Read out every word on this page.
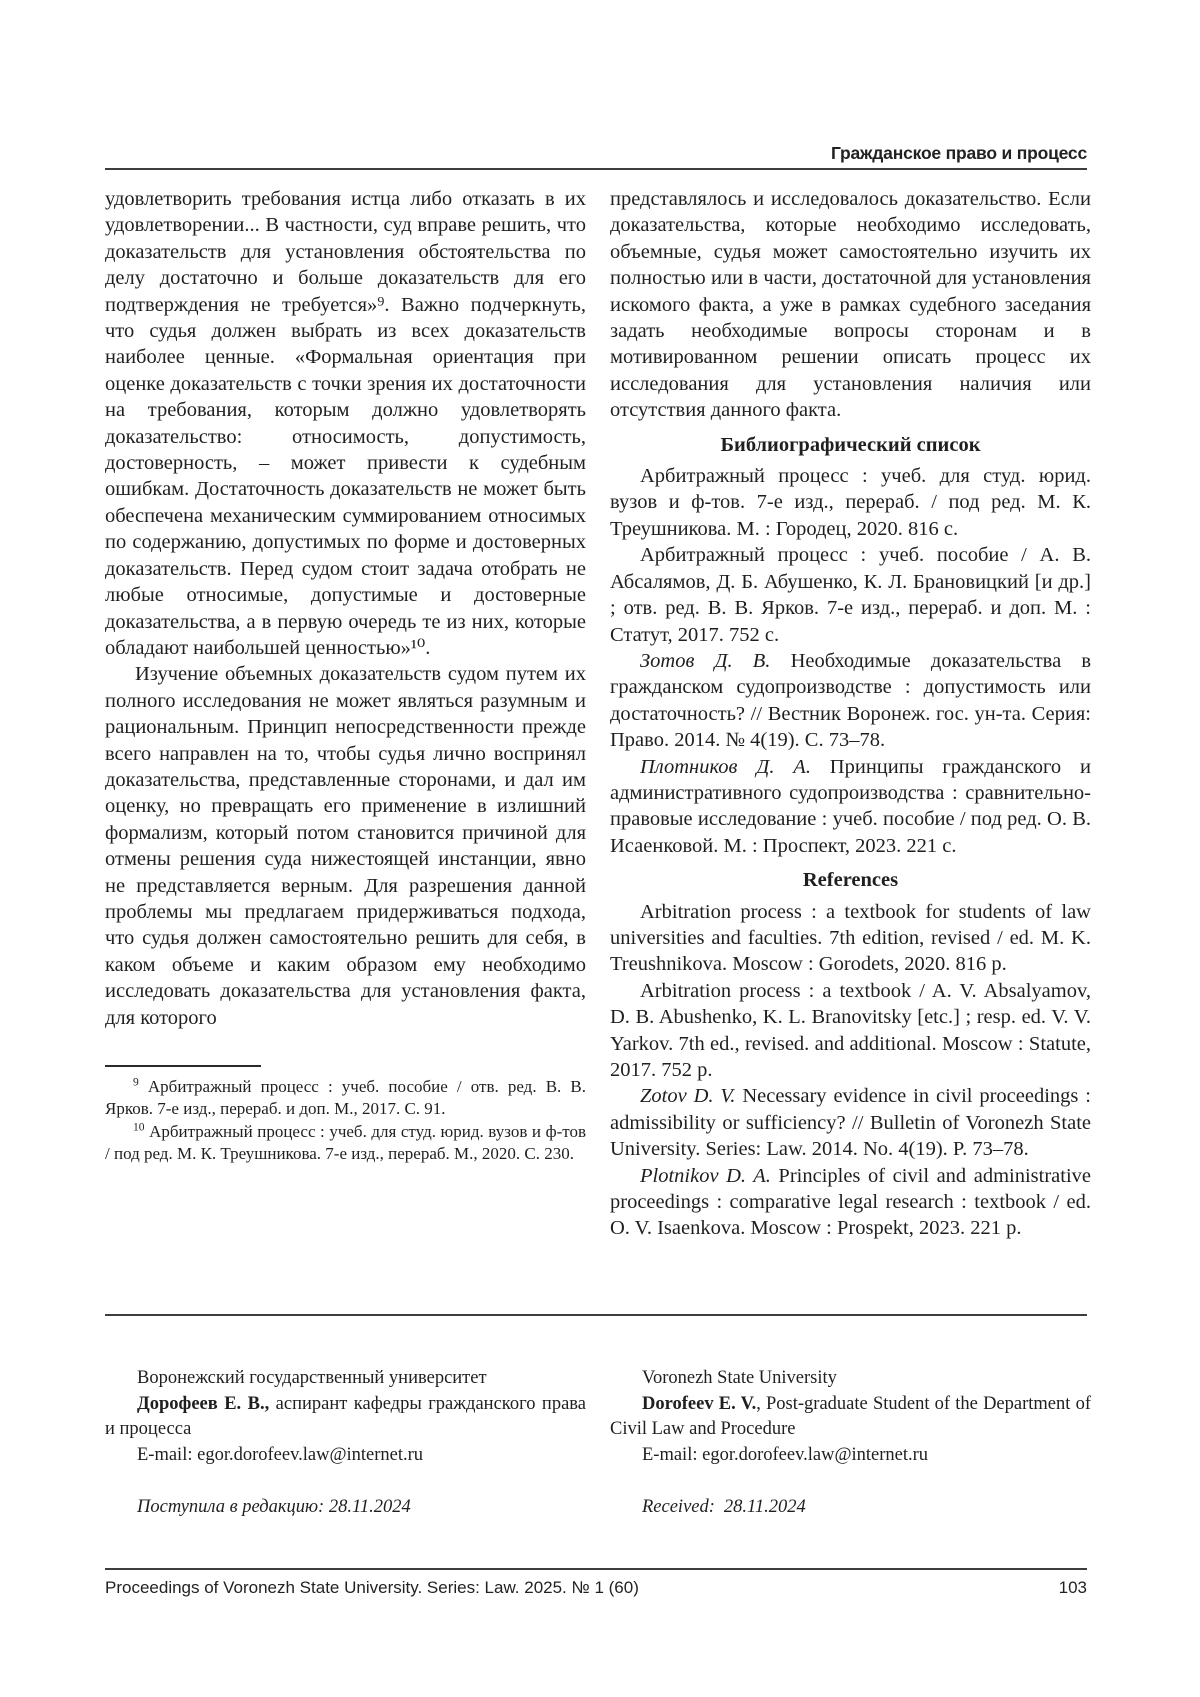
Гражданское право и процесс

удовлетворить требования истца либо отказать в их удовлетворении... В частности, суд вправе решить, что доказательств для установления обстоятельства по делу достаточно и больше доказательств для его подтверждения не требуется»⁹. Важно подчеркнуть, что судья должен выбрать из всех доказательств наиболее ценные. «Формальная ориентация при оценке доказательств с точки зрения их достаточности на требования, которым должно удовлетворять доказательство: относимость, допустимость, достоверность, – может привести к судебным ошибкам. Достаточность доказательств не может быть обеспечена механическим суммированием относимых по содержанию, допустимых по форме и достоверных доказательств. Перед судом стоит задача отобрать не любые относимые, допустимые и достоверные доказательства, а в первую очередь те из них, которые обладают наибольшей ценностью»¹⁰.

Изучение объемных доказательств судом путем их полного исследования не может являться разумным и рациональным. Принцип непосредственности прежде всего направлен на то, чтобы судья лично воспринял доказательства, представленные сторонами, и дал им оценку, но превращать его применение в излишний формализм, который потом становится причиной для отмены решения суда нижестоящей инстанции, явно не представляется верным. Для разрешения данной проблемы мы предлагаем придерживаться подхода, что судья должен самостоятельно решить для себя, в каком объеме и каким образом ему необходимо исследовать доказательства для установления факта, для которого

$^9$ Арбитражный процесс : учеб. пособие / отв. ред. В. В. Ярков. 7-е изд., перераб. и доп. М., 2017. С. 91.

$^{10}$ Арбитражный процесс : учеб. для студ. юрид. вузов и ф-тов / под ред. М. К. Треушникова. 7-е изд., перераб. М., 2020. С. 230.

представлялось и исследовалось доказательство. Если доказательства, которые необходимо исследовать, объемные, судья может самостоятельно изучить их полностью или в части, достаточной для установления искомого факта, а уже в рамках судебного заседания задать необходимые вопросы сторонам и в мотивированном решении описать процесс их исследования для установления наличия или отсутствия данного факта.

Библиографический список

Арбитражный процесс : учеб. для студ. юрид. вузов и ф-тов. 7-е изд., перераб. / под ред. М. К. Треушникова. М. : Городец, 2020. 816 с.

Арбитражный процесс : учеб. пособие / А. В. Абсалямов, Д. Б. Абушенко, К. Л. Брановицкий [и др.] ; отв. ред. В. В. Ярков. 7-е изд., перераб. и доп. М. : Статут, 2017. 752 с.

Зотов Д. В. Необходимые доказательства в гражданском судопроизводстве : допустимость или достаточность? // Вестник Воронеж. гос. ун-та. Серия: Право. 2014. № 4(19). С. 73–78.

Плотников Д. А. Принципы гражданского и административного судопроизводства : сравнительно-правовые исследование : учеб. пособие / под ред. О. В. Исаенковой. М. : Проспект, 2023. 221 с.

References

Arbitration process : a textbook for students of law universities and faculties. 7th edition, revised / ed. M. K. Treushnikova. Moscow : Gorodets, 2020. 816 p.

Arbitration process : a textbook / A. V. Absalyamov, D. B. Abushenko, K. L. Branovitsky [etc.] ; resp. ed. V. V. Yarkov. 7th ed., revised. and additional. Moscow : Statute, 2017. 752 p.

Zotov D. V. Necessary evidence in civil proceedings : admissibility or sufficiency? // Bulletin of Voronezh State University. Series: Law. 2014. No. 4(19). P. 73–78.

Plotnikov D. A. Principles of civil and administrative proceedings : comparative legal research : textbook / ed. O. V. Isaenkova. Moscow : Prospekt, 2023. 221 p.

Воронежский государственный университет

Дорофеев Е. В., аспирант кафедры гражданского права и процесса

E-mail: egor.dorofeev.law@internet.ru

Поступила в редакцию: 28.11.2024

Voronezh State University

Dorofeev E. V., Post-graduate Student of the Department of Civil Law and Procedure

E-mail: egor.dorofeev.law@internet.ru

Received: 28.11.2024

Proceedings of Voronezh State University. Series: Law. 2025. № 1 (60)	103
